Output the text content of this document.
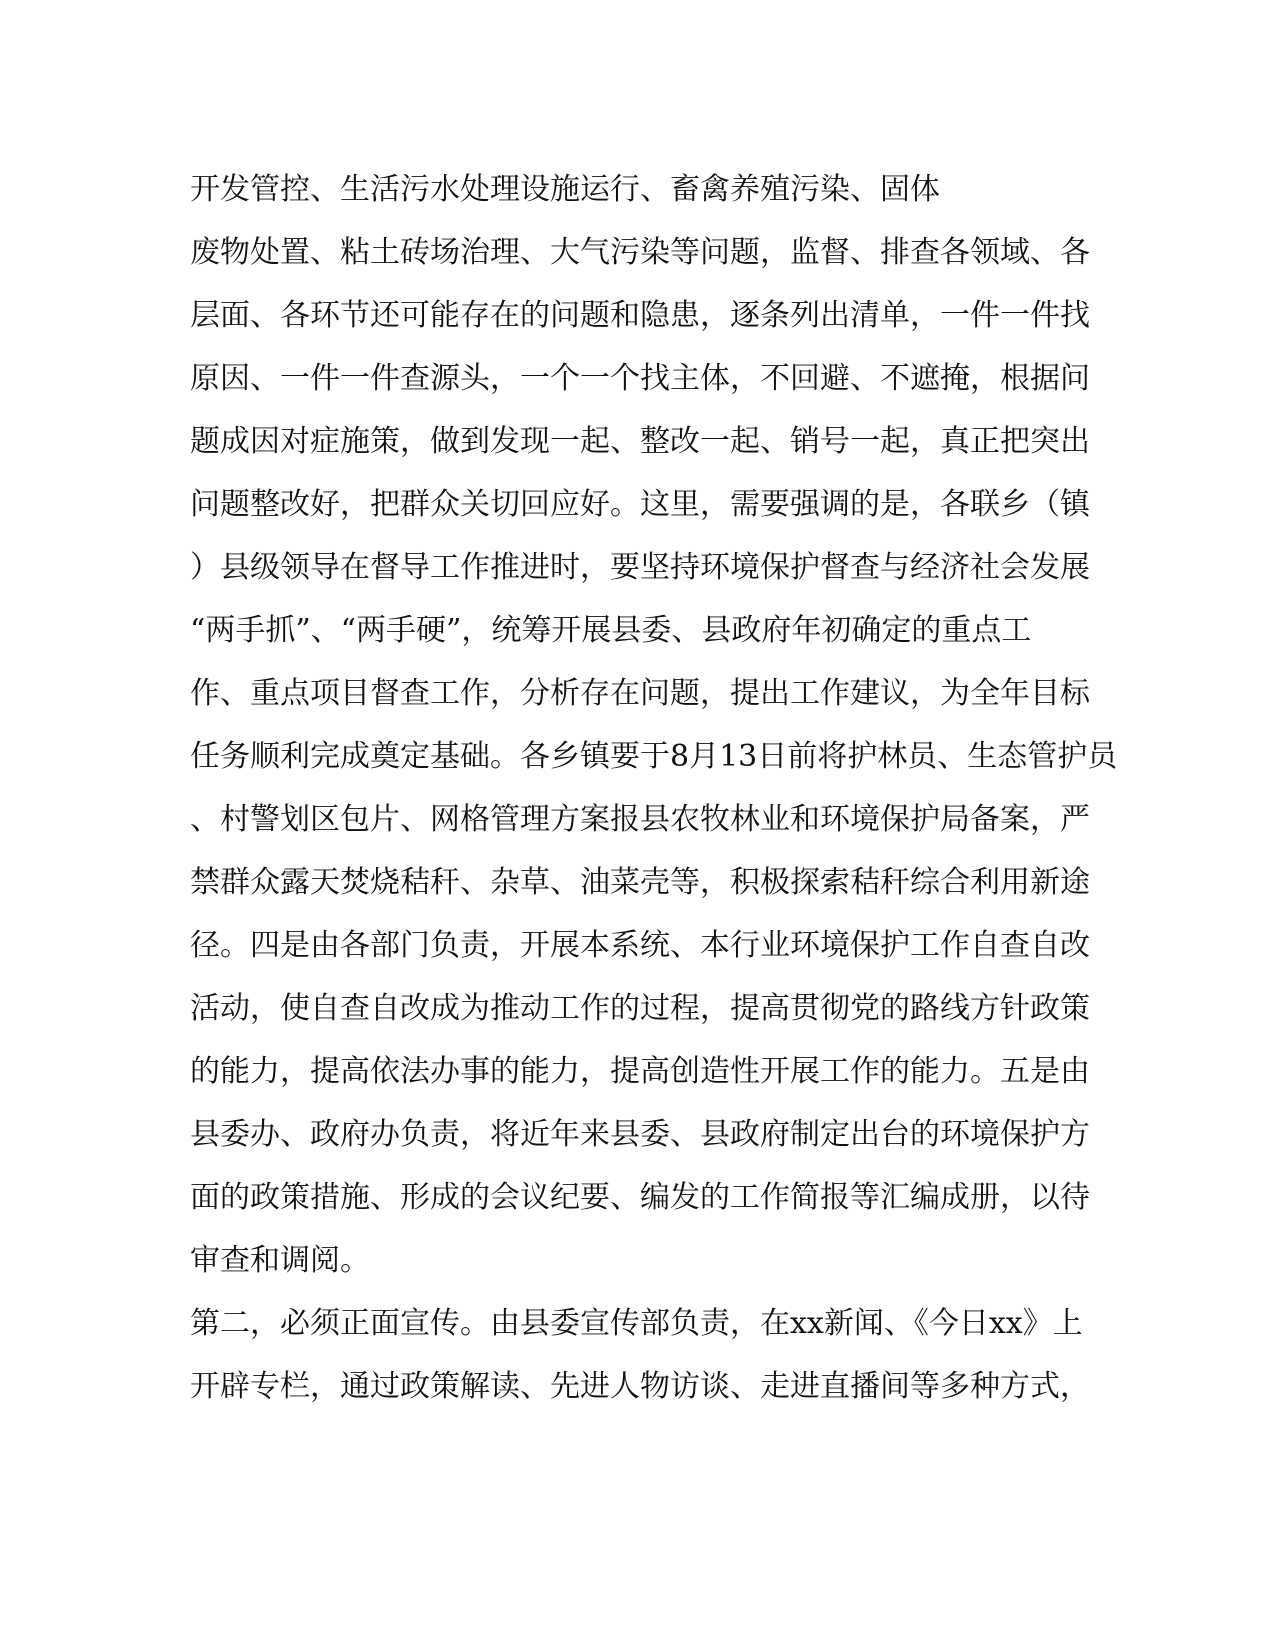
开发管控、生活污水处理设施运行、畜禽养殖污染、固体
废物处置、粘土砖场治理、大气污染等问题，监督、排查各领域、各
层面、各环节还可能存在的问题和隐患，逐条列出清单，一件一件找
原因、一件一件查源头，一个一个找主体，不回避、不遮掩，根据问
题成因对症施策，做到发现一起、整改一起、销号一起，真正把突出
问题整改好，把群众关切回应好。这里，需要强调的是，各联乡（镇
）县级领导在督导工作推进时，要坚持环境保护督查与经济社会发展
“两手抓”、“两手硬”，统筹开展县委、县政府年初确定的重点工
作、重点项目督查工作，分析存在问题，提出工作建议，为全年目标
任务顺利完成奠定基础。各乡镇要于8月13日前将护林员、生态管护员
、村警划区包片、网格管理方案报县农牧林业和环境保护局备案，严
禁群众露天焚烧秸秆、杂草、油菜壳等，积极探索秸秆综合利用新途
径。四是由各部门负责，开展本系统、本行业环境保护工作自查自改
活动，使自查自改成为推动工作的过程，提高贯彻党的路线方针政策
的能力，提高依法办事的能力，提高创造性开展工作的能力。五是由
县委办、政府办负责，将近年来县委、县政府制定出台的环境保护方
面的政策措施、形成的会议纪要、编发的工作简报等汇编成册，以待
审查和调阅。
第二，必须正面宣传。由县委宣传部负责，在xx新闻、《今日xx》上
开辟专栏，通过政策解读、先进人物访谈、走进直播间等多种方式，
